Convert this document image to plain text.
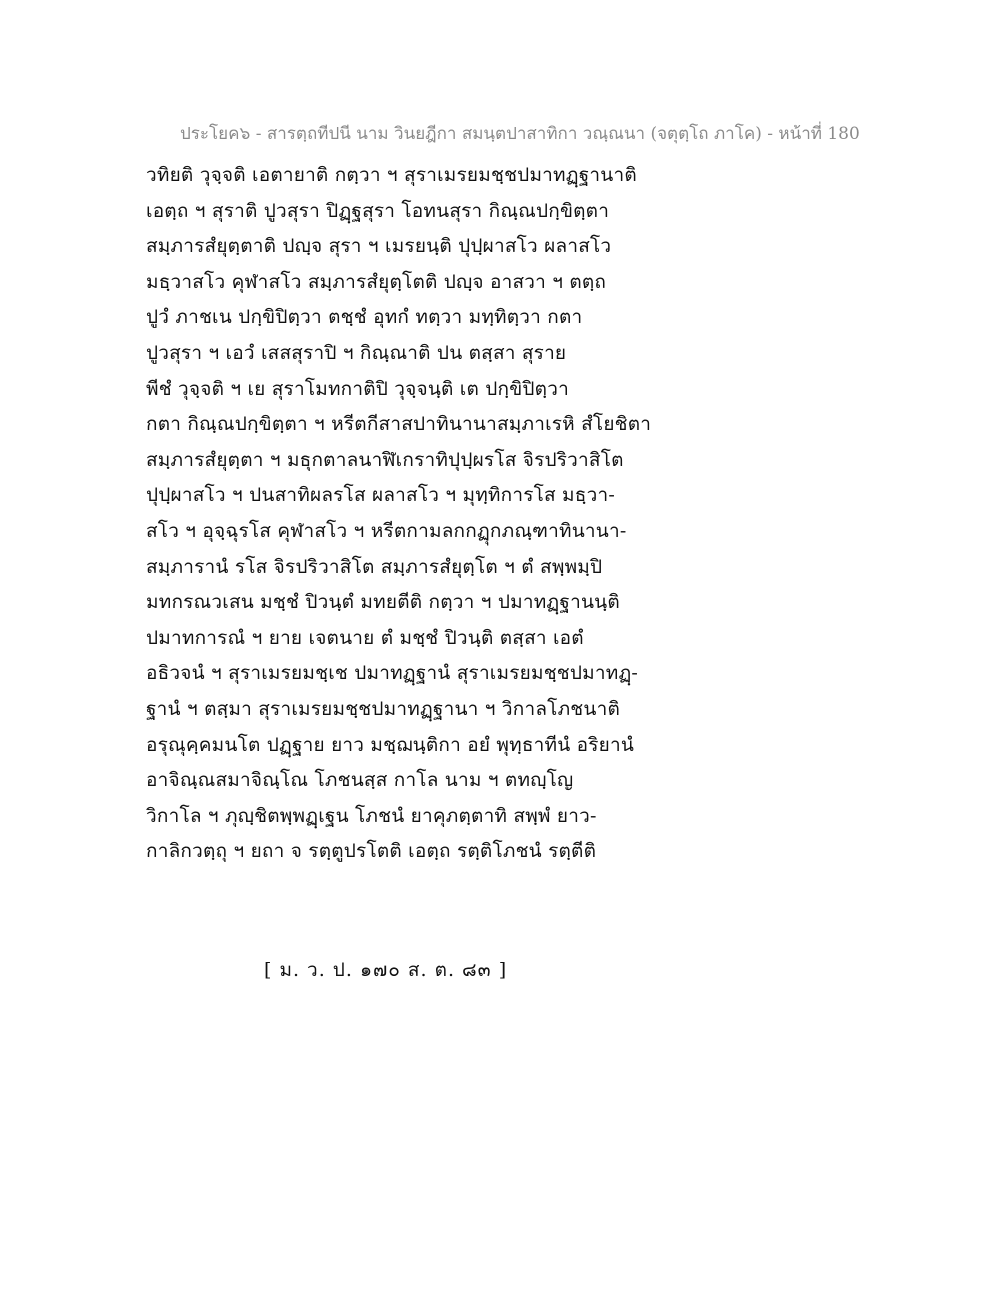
ประโยค๖ - สารตฺถทีปนี นาม วินยฎีกา สมนฺตปาสาทิกา วณฺณนา (จตุตฺโถ ภาโค) - หน้าที่ 180
วทิยติ วุจฺจติ เอตายาติ กตฺวา ฯ สุราเมรยมชฺชปมาทฏฺฐานาติ
เอตฺถ ฯ สุราติ ปูวสุรา ปิฏฺฐสุรา โอทนสุรา กิณฺณปกฺขิตฺตา
สมฺภารสํยุตฺตาติ ปญฺจ สุรา ฯ เมรยนฺติ ปุปฺผาสโว ผลาสโว
มธฺวาสโว คุฬาสโว สมฺภารสํยุตฺโตติ ปญฺจ อาสวา ฯ ตตฺถ
ปูวํ ภาชเน ปกฺขิปิตฺวา ตชฺชํ อุทกํ ทตฺวา มทฺทิตฺวา กตา
ปูวสุรา ฯ เอวํ เสสสุราปิ ฯ กิณฺณาติ ปน ตสฺสา สุราย
พีชํ วุจฺจติ ฯ เย สุราโมทกาติปิ วุจฺจนฺติ เต ปกฺขิปิตฺวา
กตา กิณฺณปกฺขิตฺตา ฯ หรีตกีสาสปาทินานาสมฺภาเรหิ สํโยชิตา
สมฺภารสํยุตฺตา ฯ มธุกตาลนาฬิเกราทิปุปฺผรโส จิรปริวาสิโต
ปุปฺผาสโว ฯ ปนสาทิผลรโส ผลาสโว ฯ มุทฺทิการโส มธฺวา-
สโว ฯ อุจฺฉุรโส คุฬาสโว ฯ หรีตกามลกกฏุกภณฺฑาทินานา-
สมฺภารานํ รโส จิรปริวาสิโต สมฺภารสํยุตฺโต ฯ ตํ สพฺพมฺปิ
มทกรณวเสน มชฺชํ ปิวนฺตํ มทยตีติ กตฺวา ฯ ปมาทฏฺฐานนฺติ
ปมาทการณํ ฯ ยาย เจตนาย ตํ มชฺชํ ปิวนฺติ ตสฺสา เอตํ
อธิวจนํ ฯ สุราเมรยมชฺเช ปมาทฏฺฐานํ สุราเมรยมชฺชปมาทฏฺ-
ฐานํ ฯ ตสฺมา สุราเมรยมชฺชปมาทฏฺฐานา ฯ วิกาลโภชนาติ
อรุณุคฺคมนโต ปฏฺฐาย ยาว มชฺฌนฺติกา อยํ พุทฺธาทีนํ อริยานํ
อาจิณฺณสมาจิณฺโณ โภชนสฺส กาโล นาม ฯ ตทญฺโญ
วิกาโล ฯ ภุญฺชิตพฺพฏฺเฐน โภชนํ ยาคุภตฺตาทิ สพฺพํ ยาว-
กาลิกวตฺถุ ฯ ยถา จ รตฺตูปรโตติ เอตฺถ รตฺติโภชนํ รตฺตีติ
[ ม. ว. ป. ๑๗๐ ส. ต. ๘๓ ]
